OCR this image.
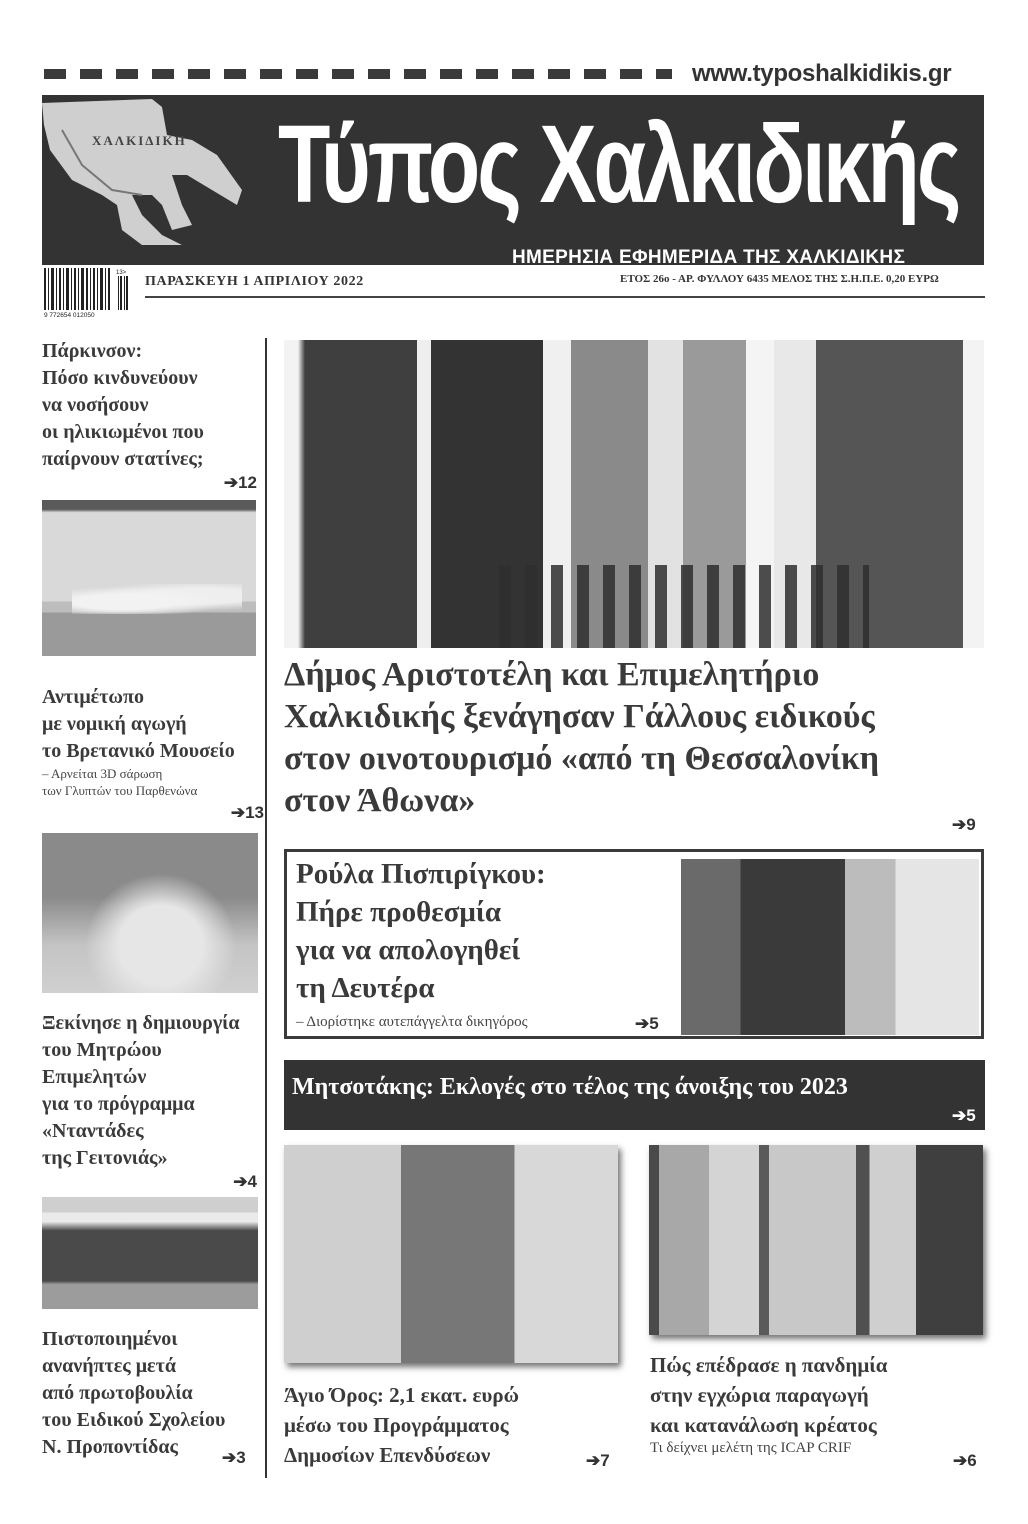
www.typoshalkidikis.gr
ΧΑΛΚΙΔΙΚΗ Τύπος Χαλκιδικής
ΗΜΕΡΗΣΙΑ ΕΦΗΜΕΡΙΔΑ ΤΗΣ ΧΑΛΚΙΔΙΚΗΣ
13>
9 772654 012050
ΠΑΡΑΣΚΕΥΗ 1 ΑΠΡΙΛΙΟΥ 2022	ΕΤΟΣ 26ο - ΑΡ. ΦΥΛΛΟΥ 6435 ΜΕΛΟΣ ΤΗΣ Σ.Η.Π.Ε. 0,20 ΕΥΡΩ
Πάρκινσον:
Πόσο κινδυνεύουν
να νοσήσουν
οι ηλικιωμένοι που
παίρνουν στατίνες;
➔12
Αντιμέτωπο
με νομική αγωγή
το Βρετανικό Μουσείο
– Αρνείται 3D σάρωση
των Γλυπτών του Παρθενώνα
➔13
Ξεκίνησε η δημιουργία
του Μητρώου
Επιμελητών
για το πρόγραμμα
«Νταντάδες
της Γειτονιάς»
➔4
Πιστοποιημένοι
ανανήπτες μετά
από πρωτοβουλία
του Ειδικού Σχολείου
Ν. Προποντίδας	➔3
Δήμος Αριστοτέλη και Επιμελητήριο
Χαλκιδικής ξενάγησαν Γάλλους ειδικούς
στον οινοτουρισμό «από τη Θεσσαλονίκη
στον Άθωνα»
➔9
Ρούλα Πισπιρίγκου:
Πήρε προθεσμία
για να απολογηθεί
τη Δευτέρα
– Διορίστηκε αυτεπάγγελτα δικηγόρος	➔5
Μητσοτάκης: Εκλογές στο τέλος της άνοιξης του 2023
➔5
Άγιο Όρος: 2,1 εκατ. ευρώ
μέσω του Προγράμματος
Δημοσίων Επενδύσεων	➔7
Πώς επέδρασε η πανδημία
στην εγχώρια παραγωγή
και κατανάλωση κρέατος
Τι δείχνει μελέτη της ICAP CRIF
➔6
